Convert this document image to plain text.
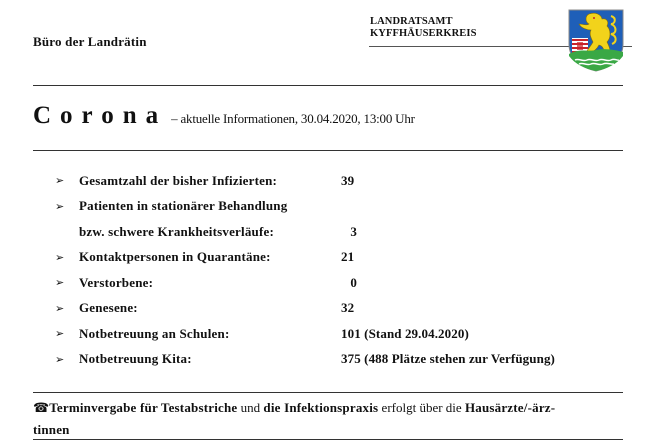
Büro der Landrätin
LANDRATSAMT
KYFFHÄUSERKREIS
Corona – aktuelle Informationen, 30.04.2020, 13:00 Uhr
➢	Gesamtzahl der bisher Infizierten:	39
➢	Patienten in stationärer Behandlung
bzw. schwere Krankheitsverläufe:	3
➢	Kontaktpersonen in Quarantäne:	21
➢	Verstorbene:	0
➢	Genesene:	32
➢	Notbetreuung an Schulen:	101 (Stand 29.04.2020)
➢	Notbetreuung Kita:	375 (488 Plätze stehen zur Verfügung)
☎Terminvergabe für Testabstriche und die Infektionspraxis erfolgt über die Hausärzte/-ärz-
tinnen
